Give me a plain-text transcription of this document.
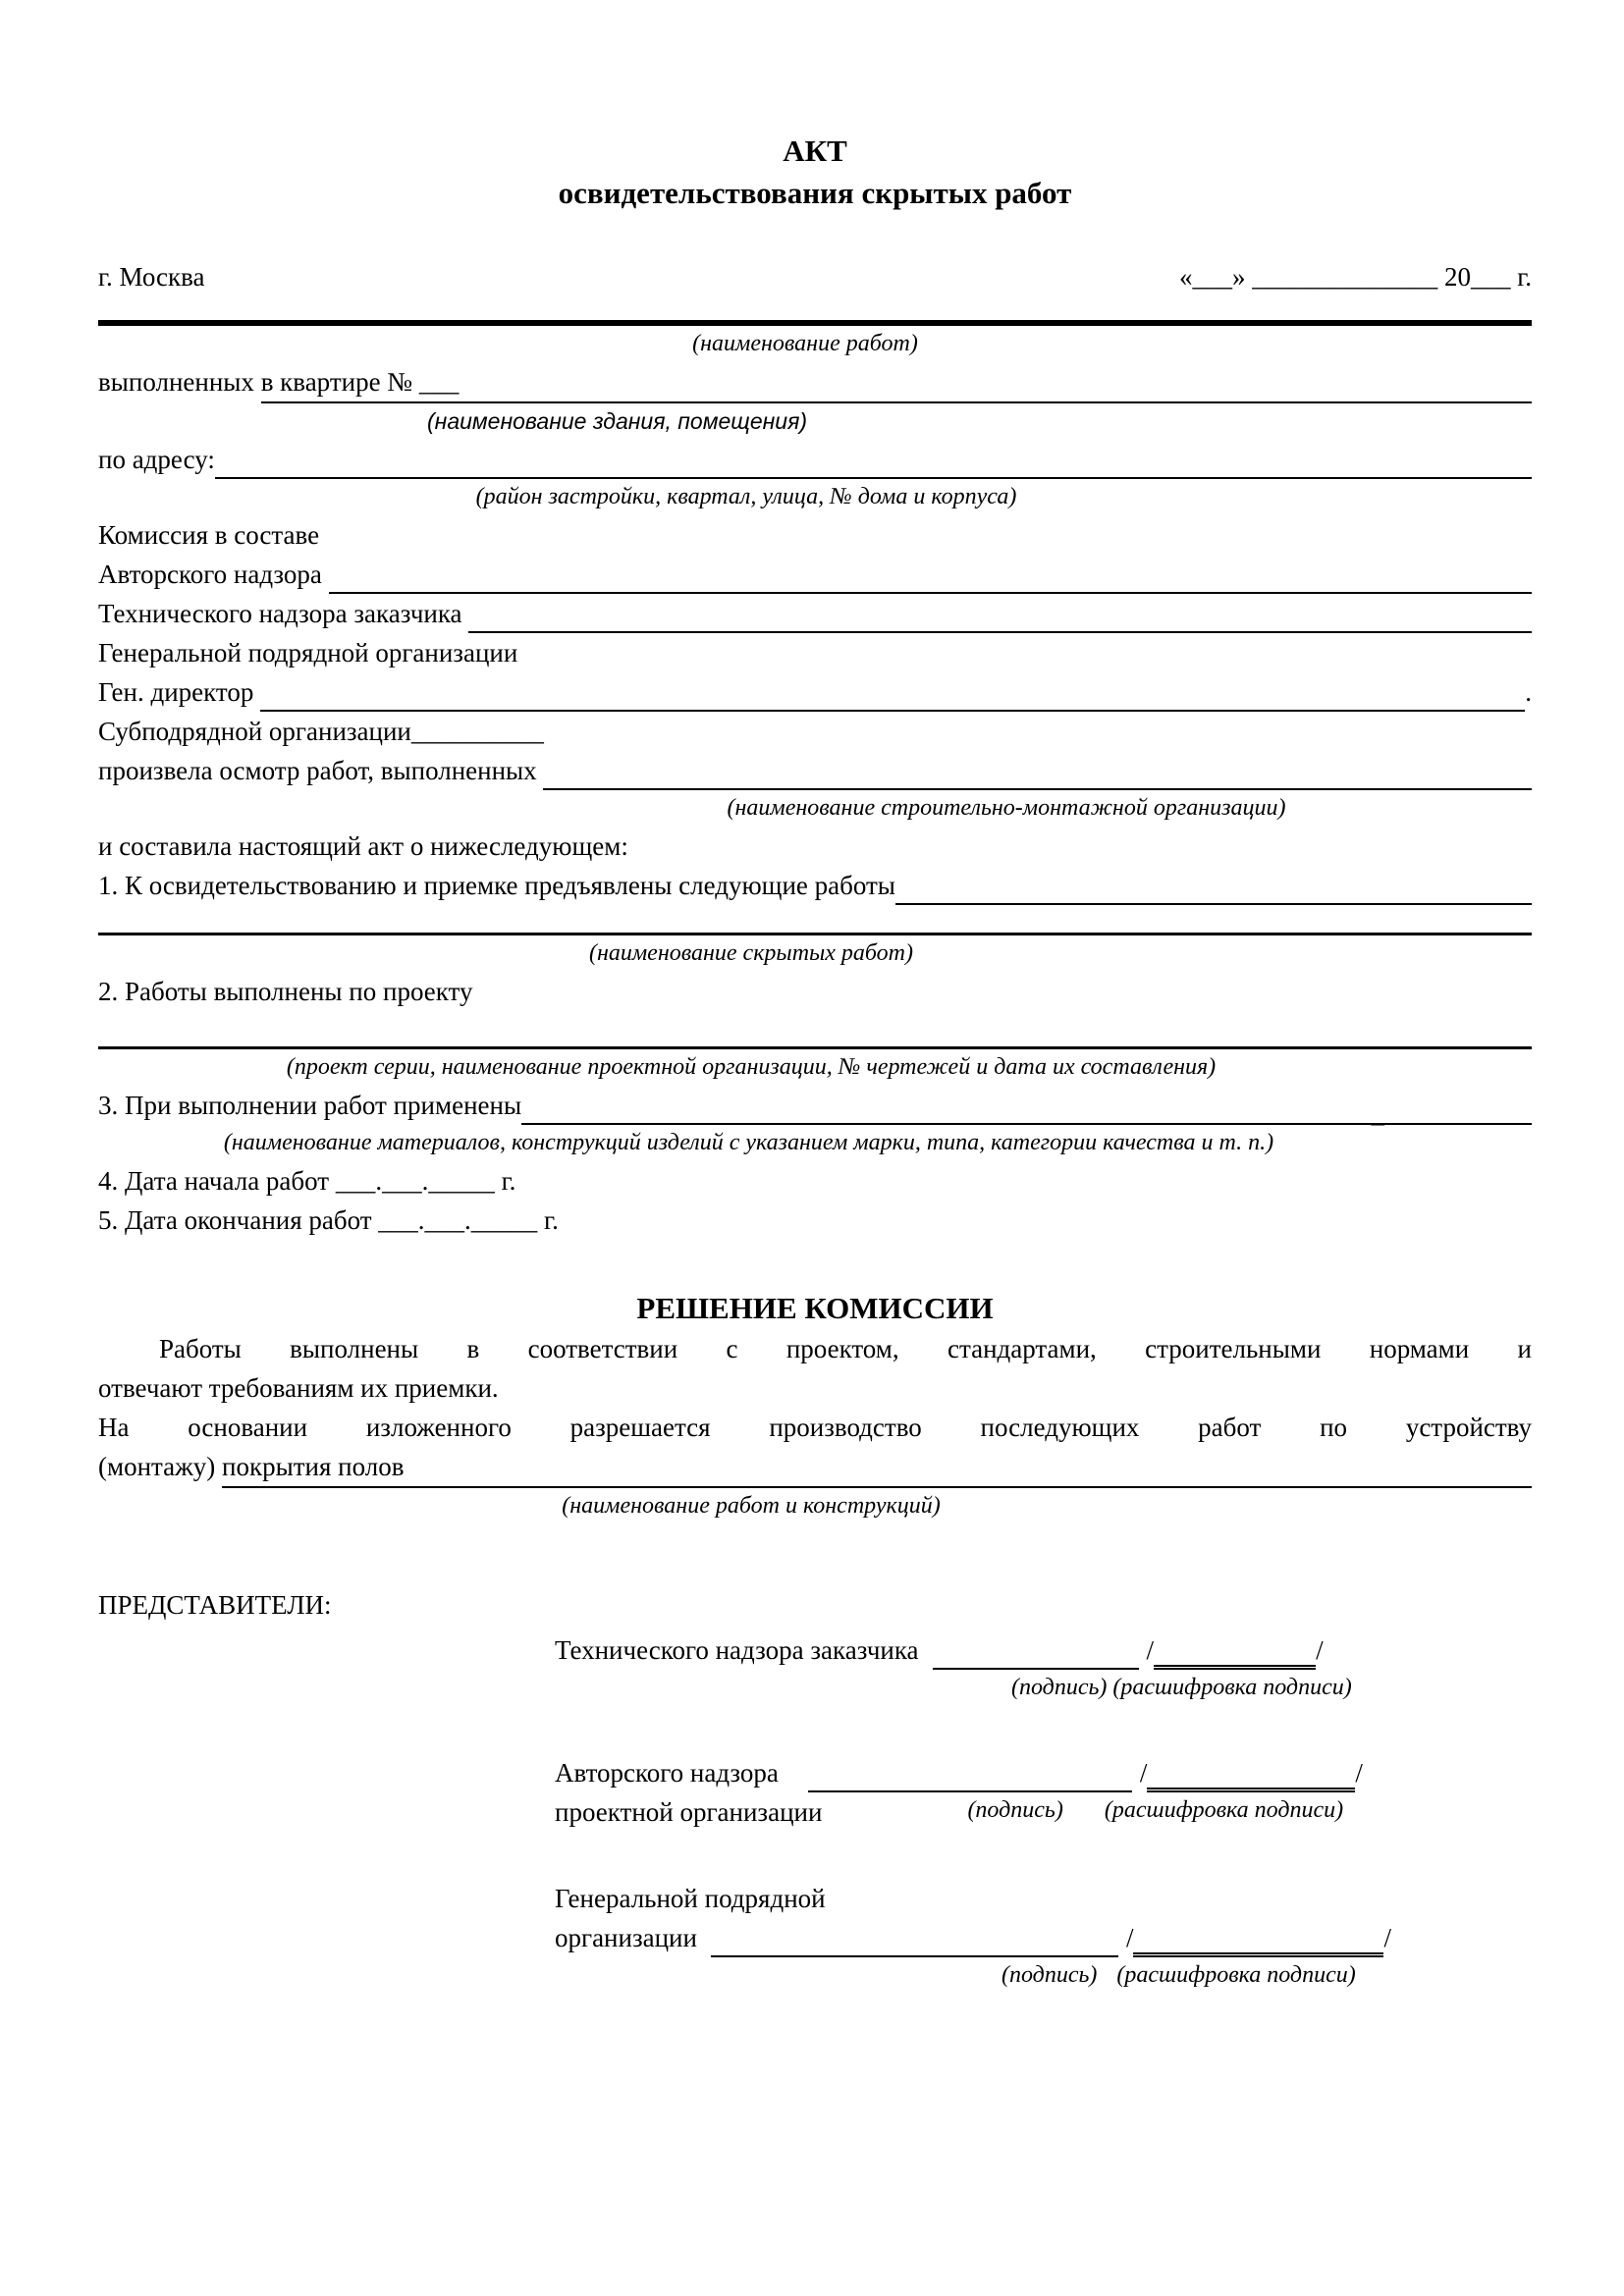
АКТ
освидетельствования скрытых работ
г. Москва	«___» ______________ 20___ г.
(наименование работ)
выполненных в квартире № ___
(наименование здания, помещения)
по адресу:
(район застройки, квартал, улица, № дома и корпуса)
Комиссия в составе
Авторского надзора
Технического надзора заказчика
Генеральной подрядной организации
Ген. директор	.
Субподрядной организации __________
произвела осмотр работ, выполненных
(наименование строительно-монтажной организации)
и составила настоящий акт о нижеследующем:
1. К освидетельствованию и приемке предъявлены следующие работы
(наименование скрытых работ)
2. Работы выполнены по проекту
(проект серии, наименование проектной организации, № чертежей и дата их составления)
3. При выполнении работ применены	_
(наименование материалов, конструкций изделий с указанием марки, типа, категории качества и т. п.)
4. Дата начала работ ___.___._____ г.
5. Дата окончания работ ___.___._____ г.
РЕШЕНИЕ КОМИССИИ
Работы выполнены в соответствии с проектом, стандартами, строительными нормами и
отвечают требованиям их приемки.
На основании изложенного разрешается производство последующих работ по устройству
(монтажу) покрытия полов
(наименование работ и конструкций)
ПРЕДСТАВИТЕЛИ:
Технического надзора заказчика	/	/
(подпись) (расшифровка подписи)
Авторского надзора	/	/
проектной организации	(подпись) (расшифровка подписи)
Генеральной подрядной
организации	/	/
(подпись) (расшифровка подписи)
